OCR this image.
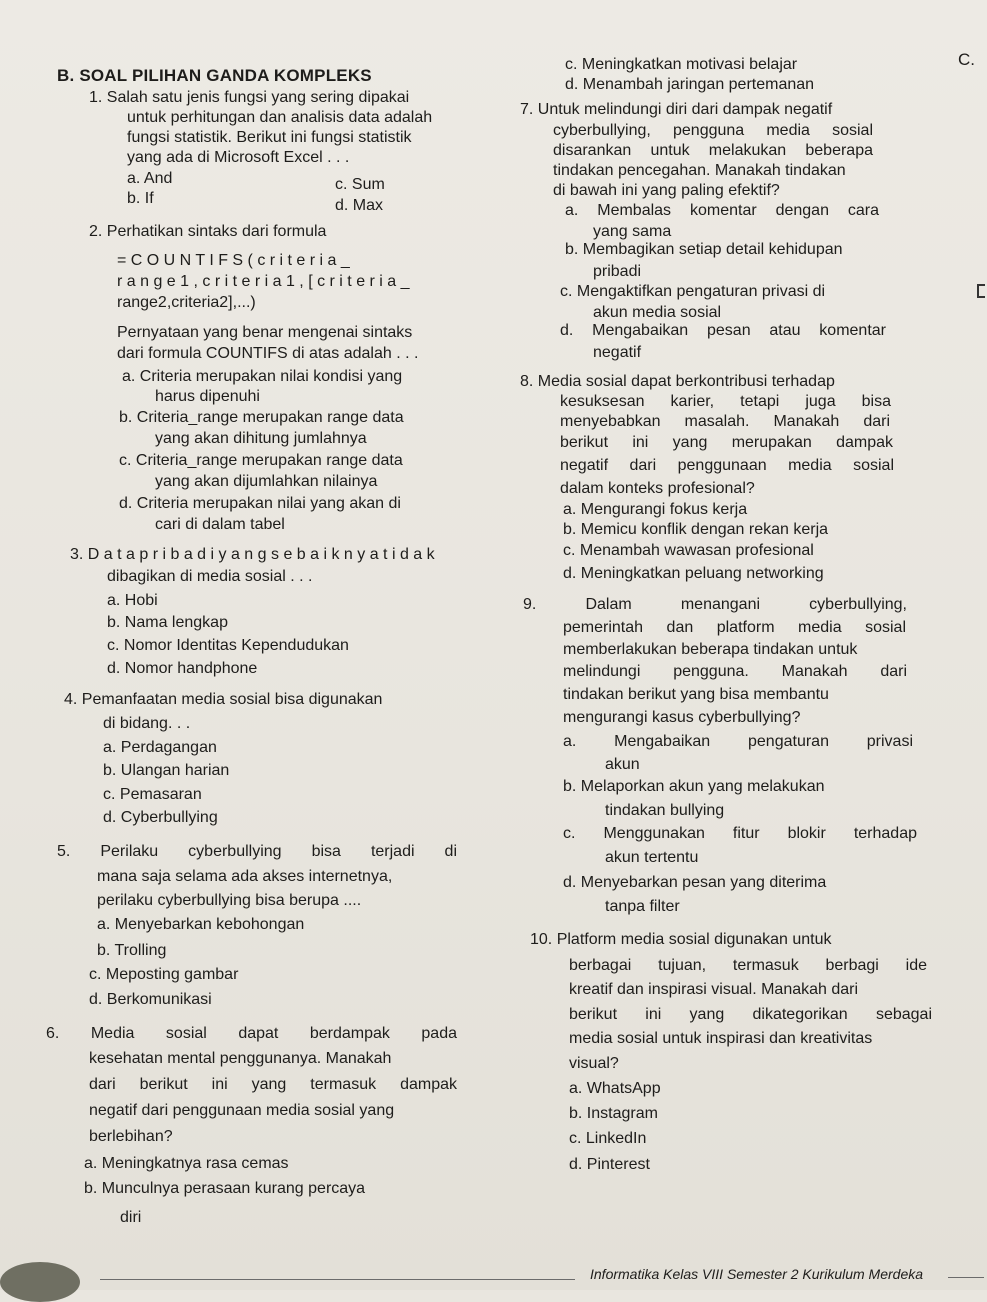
B. SOAL PILIHAN GANDA KOMPLEKS
C.
1. Salah satu jenis fungsi yang sering dipakai
untuk perhitungan dan analisis data adalah
fungsi statistik. Berikut ini fungsi statistik
yang ada di Microsoft Excel . . .
a. And	c. Sum
b. If	d. Max
2. Perhatikan sintaks dari formula
= C O U N T I F S ( c r i t e r i a _
r a n g e 1 , c r i t e r i a 1 , [ c r i t e r i a _
range2,criteria2],...)
Pernyataan yang benar mengenai sintaks
dari formula COUNTIFS di atas adalah . . .
a. Criteria merupakan nilai kondisi yang
harus dipenuhi
b. Criteria_range merupakan range data
yang akan dihitung jumlahnya
c. Criteria_range merupakan range data
yang akan dijumlahkan nilainya
d. Criteria merupakan nilai yang akan di
cari di dalam tabel
3. D a t a p r i b a d i y a n g s e b a i k n y a t i d a k
dibagikan di media sosial . . .
a. Hobi
b. Nama lengkap
c. Nomor Identitas Kependudukan
d. Nomor handphone
4. Pemanfaatan media sosial bisa digunakan
di bidang. . .
a. Perdagangan
b. Ulangan harian
c. Pemasaran
d. Cyberbullying
5. Perilaku cyberbullying bisa terjadi di
mana saja selama ada akses internetnya,
perilaku cyberbullying bisa berupa ....
a. Menyebarkan kebohongan
b. Trolling
c. Meposting gambar
d. Berkomunikasi
6. Media sosial dapat berdampak pada
kesehatan mental penggunanya. Manakah
dari berikut ini yang termasuk dampak
negatif dari penggunaan media sosial yang
berlebihan?
a. Meningkatnya rasa cemas
b. Munculnya perasaan kurang percaya
diri
c. Meningkatkan motivasi belajar
d. Menambah jaringan pertemanan
7. Untuk melindungi diri dari dampak negatif
cyberbullying, pengguna media sosial
disarankan untuk melakukan beberapa
tindakan pencegahan. Manakah tindakan
di bawah ini yang paling efektif?
a. Membalas komentar dengan cara
yang sama
b. Membagikan setiap detail kehidupan
pribadi
c. Mengaktifkan pengaturan privasi di
akun media sosial
d. Mengabaikan pesan atau komentar
negatif
8. Media sosial dapat berkontribusi terhadap
kesuksesan karier, tetapi juga bisa
menyebabkan masalah. Manakah dari
berikut ini yang merupakan dampak
negatif dari penggunaan media sosial
dalam konteks profesional?
a. Mengurangi fokus kerja
b. Memicu konflik dengan rekan kerja
c. Menambah wawasan profesional
d. Meningkatkan peluang networking
9. Dalam menangani cyberbullying,
pemerintah dan platform media sosial
memberlakukan beberapa tindakan untuk
melindungi pengguna. Manakah dari
tindakan berikut yang bisa membantu
mengurangi kasus cyberbullying?
a. Mengabaikan pengaturan privasi
akun
b. Melaporkan akun yang melakukan
tindakan bullying
c. Menggunakan fitur blokir terhadap
akun tertentu
d. Menyebarkan pesan yang diterima
tanpa filter
10. Platform media sosial digunakan untuk
berbagai tujuan, termasuk berbagi ide
kreatif dan inspirasi visual. Manakah dari
berikut ini yang dikategorikan sebagai
media sosial untuk inspirasi dan kreativitas
visual?
a. WhatsApp
b. Instagram
c. LinkedIn
d. Pinterest
Informatika Kelas VIII Semester 2 Kurikulum Merdeka
